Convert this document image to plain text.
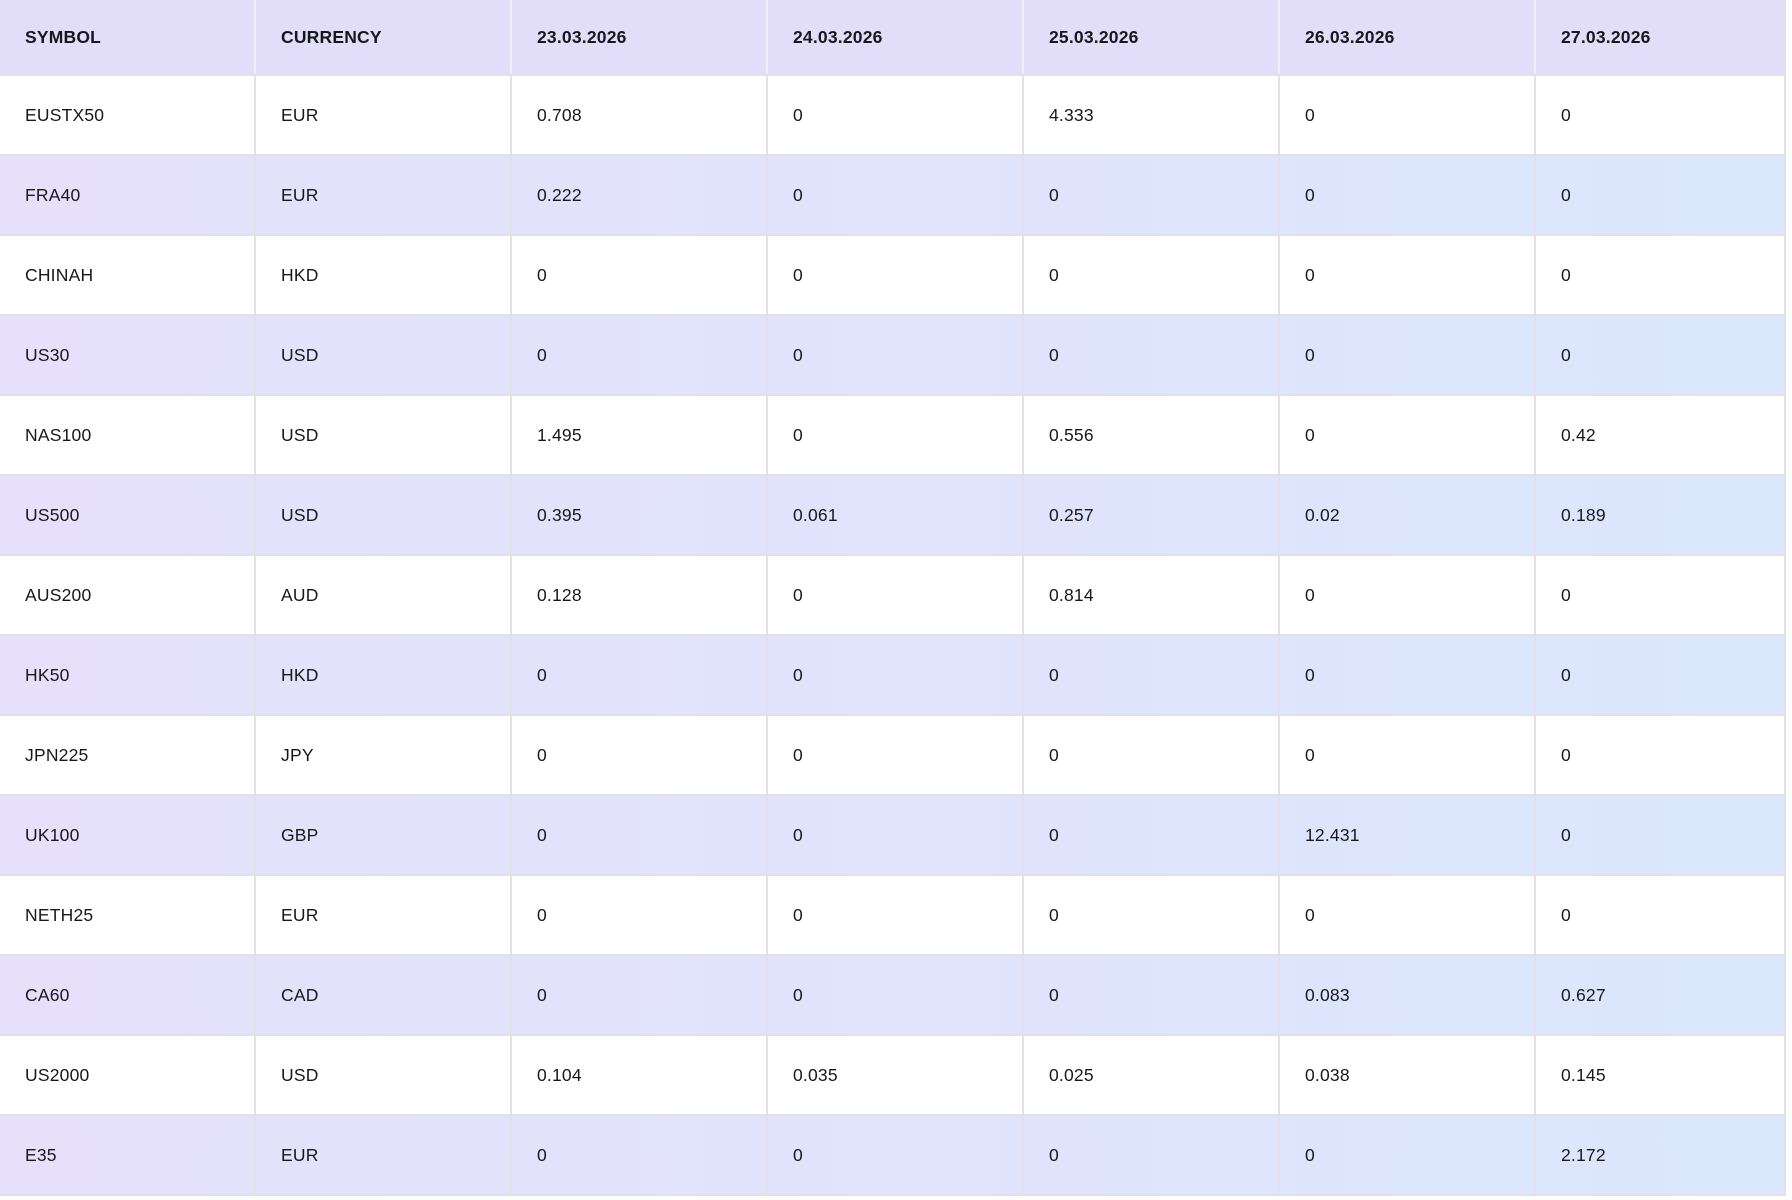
SYMBOL	CURRENCY	23.03.2026	24.03.2026	25.03.2026	26.03.2026	27.03.2026
EUSTX50	EUR	0.708	0	4.333	0	0
FRA40	EUR	0.222	0	0	0	0
CHINAH	HKD	0	0	0	0	0
US30	USD	0	0	0	0	0
NAS100	USD	1.495	0	0.556	0	0.42
US500	USD	0.395	0.061	0.257	0.02	0.189
AUS200	AUD	0.128	0	0.814	0	0
HK50	HKD	0	0	0	0	0
JPN225	JPY	0	0	0	0	0
UK100	GBP	0	0	0	12.431	0
NETH25	EUR	0	0	0	0	0
CA60	CAD	0	0	0	0.083	0.627
US2000	USD	0.104	0.035	0.025	0.038	0.145
E35	EUR	0	0	0	0	2.172
